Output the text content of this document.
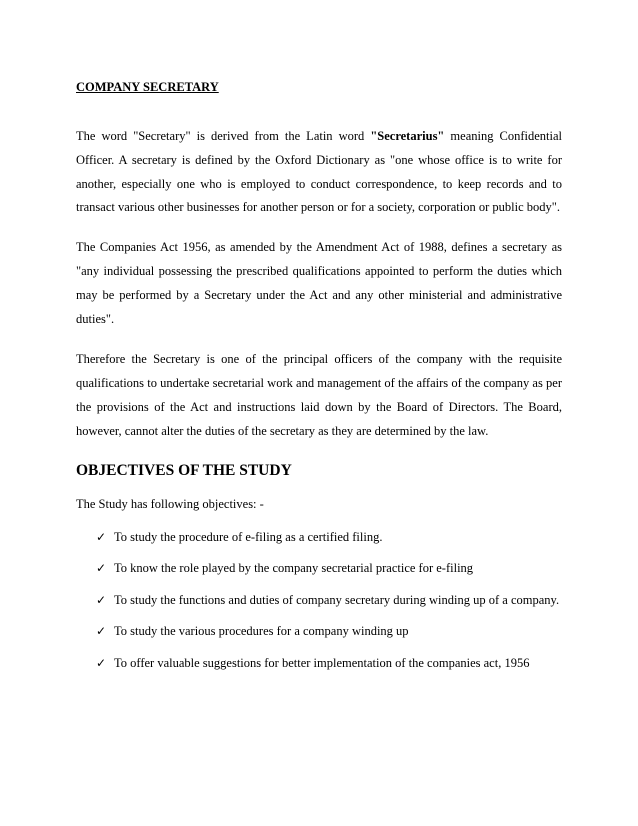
COMPANY SECRETARY

The word "Secretary" is derived from the Latin word "Secretarius" meaning Confidential Officer. A secretary is defined by the Oxford Dictionary as "one whose office is to write for another, especially one who is employed to conduct correspondence, to keep records and to transact various other businesses for another person or for a society, corporation or public body".

The Companies Act 1956, as amended by the Amendment Act of 1988, defines a secretary as "any individual possessing the prescribed qualifications appointed to perform the duties which may be performed by a Secretary under the Act and any other ministerial and administrative duties".

Therefore the Secretary is one of the principal officers of the company with the requisite qualifications to undertake secretarial work and management of the affairs of the company as per the provisions of the Act and instructions laid down by the Board of Directors. The Board, however, cannot alter the duties of the secretary as they are determined by the law.

OBJECTIVES OF THE STUDY
The Study has following objectives: -
✓ To study the procedure of e-filing as a certified filing.
✓ To know the role played by the company secretarial practice for e-filing
✓ To study the functions and duties of company secretary during winding up of a company.
✓ To study the various procedures for a company winding up
✓ To offer valuable suggestions for better implementation of the companies act, 1956
